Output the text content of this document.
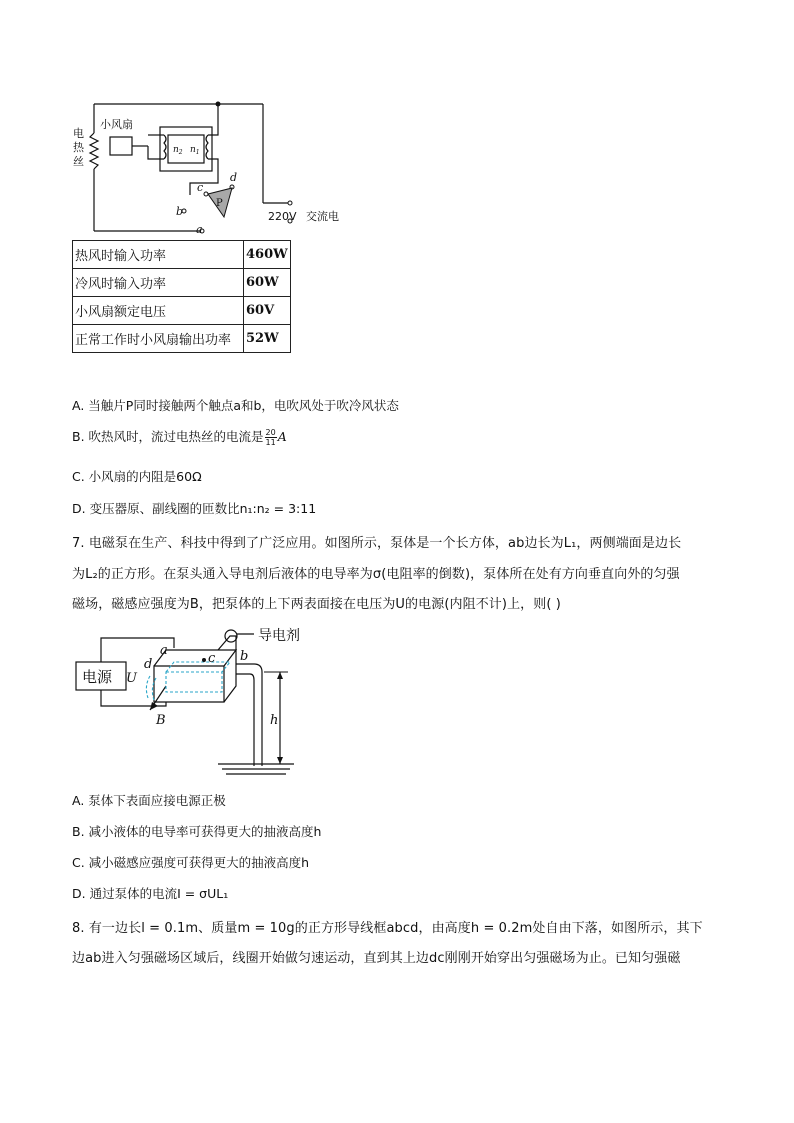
小风扇
电
热
丝
$n_2$ $n_1$
c
d
b
a
P
220V 交流电
热风时输入功率	460W
冷风时输入功率	60W
小风扇额定电压	60V
正常工作时小风扇输出功率	52W
A. 当触片P同时接触两个触点a和b，电吹风处于吹冷风状态
B. 吹热风时，流过电热丝的电流是 $\frac{20}{11}$ A
C. 小风扇的内阻是60Ω
D. 变压器原、副线圈的匝数比n₁:n₂ = 3:11
7. 电磁泵在生产、科技中得到了广泛应用。如图所示，泵体是一个长方体，ab边长为L₁，两侧端面是边长
为L₂的正方形。在泵头通入导电剂后液体的电导率为σ(电阻率的倒数)，泵体所在处有方向垂直向外的匀强
磁场，磁感应强度为B，把泵体的上下两表面接在电压为U的电源(内阻不计)上，则( )
电源
导电剂
a
d	c b
U
B	h
A. 泵体下表面应接电源正极
B. 减小液体的电导率可获得更大的抽液高度h
C. 减小磁感应强度可获得更大的抽液高度h
D. 通过泵体的电流I = σUL₁
8. 有一边长l = 0.1m、质量m = 10g的正方形导线框abcd，由高度h = 0.2m处自由下落，如图所示，其下
边ab进入匀强磁场区域后，线圈开始做匀速运动，直到其上边dc刚刚开始穿出匀强磁场为止。已知匀强磁
